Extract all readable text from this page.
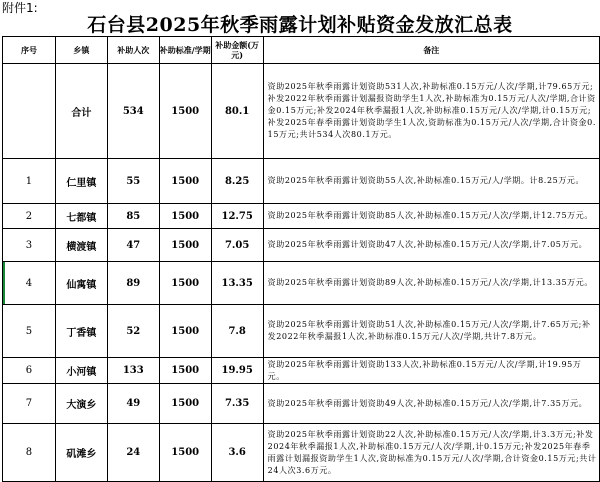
附件1:
石台县2025年秋季雨露计划补贴资金发放汇总表
序号	乡镇	补助人次	补助标准/学期	补助金额(万元)	备注
	合计	534	1500	80.1	资助2025年秋季雨露计划资助531人次,补助标准0.15万元/人次/学期,计79.65万元;补发2022年秋季雨露计划漏报资助学生1人次,补助标准为0.15万元/人次/学期,合计资金0.15万元;补发2024年秋季漏报1人次,补助标准0.15万元/人次/学期,计0.15万元;补发2025年春季雨露计划资助学生1人次,资助标准为0.15万元/人次/学期,合计资金0.15万元;共计534人次80.1万元。
1	仁里镇	55	1500	8.25	资助2025年秋季雨露计划资助55人次,补助标准0.15万元/人/学期。计8.25万元。
2	七都镇	85	1500	12.75	资助2025年秋季雨露计划资助85人次,补助标准0.15万元/人次/学期,计12.75万元。
3	横渡镇	47	1500	7.05	资助2025年秋季雨露计划资助47人次,补助标准0.15万元/人次/学期,计7.05万元。
4	仙寓镇	89	1500	13.35	资助2025年秋季雨露计划资助89人次,补助标准0.15万元/人次/学期,计13.35万元。
5	丁香镇	52	1500	7.8	资助2025年秋季雨露计划资助51人次,补助标准0.15万元/人次/学期,计7.65万元;补发2022年秋季漏报1人次,补助标准0.15万元/人次/学期,共计7.8万元。
6	小河镇	133	1500	19.95	资助2025年秋季雨露计划资助133人次,补助标准0.15万元/人次/学期,计19.95万元。
7	大演乡	49	1500	7.35	资助2025年秋季雨露计划资助49人次,补助标准0.15万元/人次/学期,计7.35万元。
8	矶滩乡	24	1500	3.6	资助2025年秋季雨露计划资助22人次,补助标准0.15万元/人次/学期,计3.3万元;补发2024年秋季漏报1人次,补助标准0.15万元/人次/学期,计0.15万元;补发2025年春季雨露计划漏报资助学生1人次,资助标准为0.15万元/人次/学期,合计资金0.15万元;共计24人次3.6万元。
